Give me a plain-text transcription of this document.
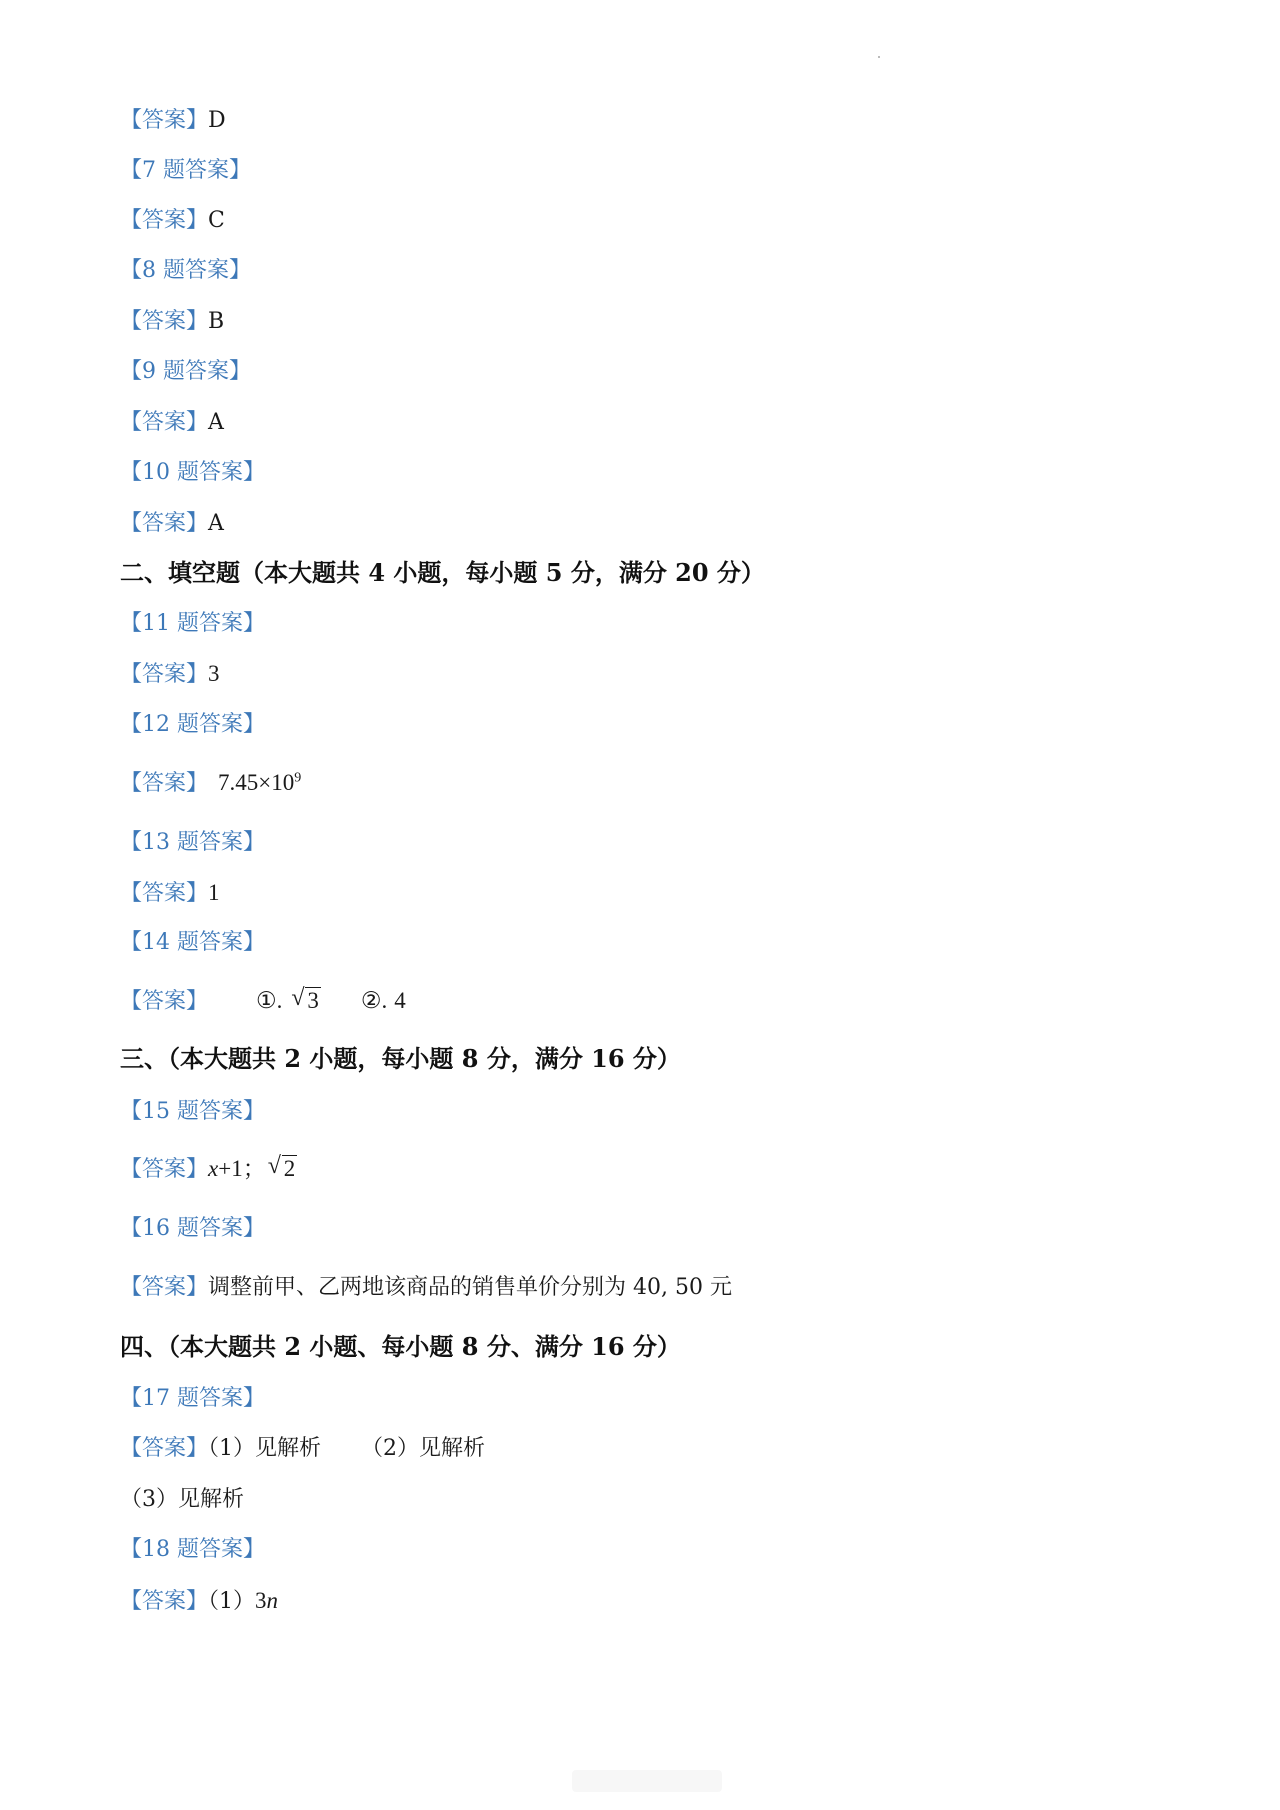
【答案】D
【7 题答案】
【答案】C
【8 题答案】
【答案】B
【9 题答案】
【答案】A
【10 题答案】
【答案】A
二、填空题（本大题共 4 小题，每小题 5 分，满分 20 分）
【11 题答案】
【答案】3
【12 题答案】
【答案】 $7.45\times 10^9$
【13 题答案】
【答案】1
【14 题答案】
【答案】 ①. √ 3 ②. 4
三、（本大题共 2 小题，每小题 8 分，满分 16 分）
【15 题答案】
【答案】x+1； √ 2
【16 题答案】
【答案】调整前甲、乙两地该商品的销售单价分别为 40, 50 元
四、（本大题共 2 小题、每小题 8 分、满分 16 分）
【17 题答案】
【答案】（1）见解析 （2）见解析
（3）见解析
【18 题答案】
【答案】（1）3n
